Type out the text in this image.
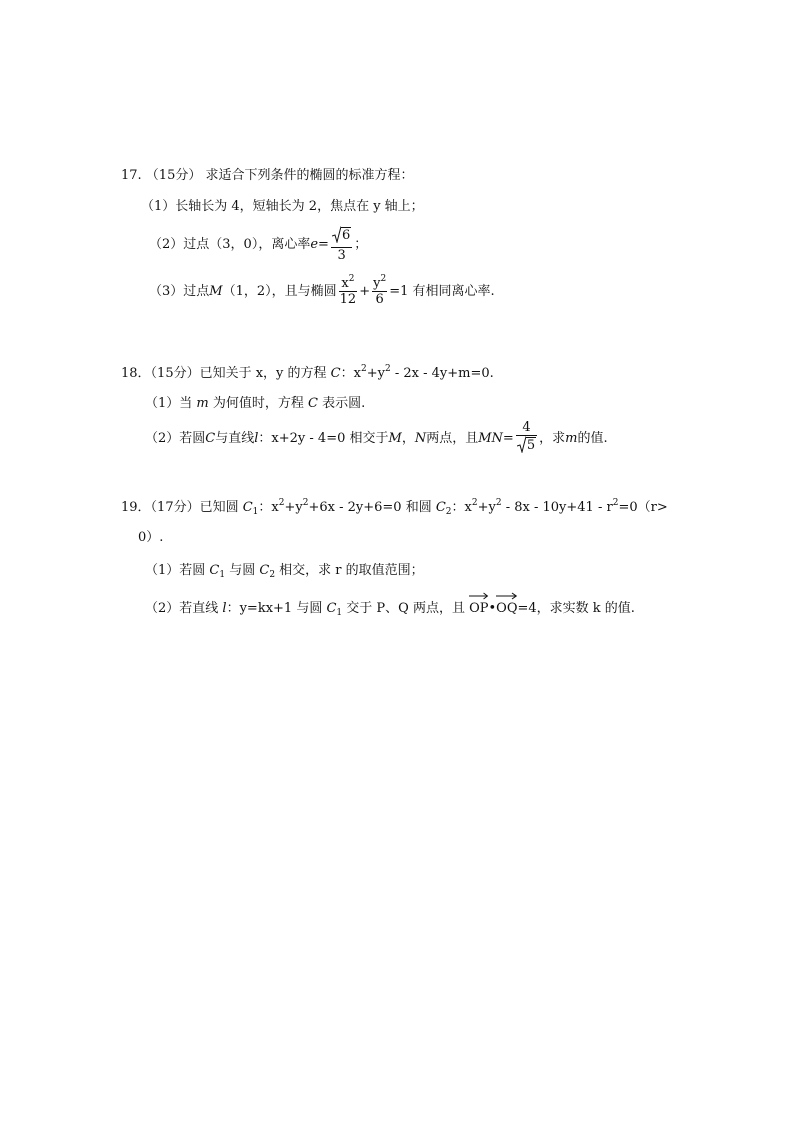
17. （15分） 求适合下列条件的椭圆的标准方程：
（1）长轴长为 4，短轴长为 2，焦点在 y 轴上；
（2）过点（3，0），离心率 $e = \frac{6}{3}$ ；
（3）过点 M （1，2），且与椭圆 $\frac{x^2}{12} + \frac{y^2}{6} =1$ 有相同离心率.
18．（15分）已知关于 x，y 的方程 C：$x^2+y^2 - 2x - 4y+m=0$.
（1）当 m 为何值时，方程 C 表示圆.
（2）若圆 C 与直线 l ：x+2y - 4=0 相交于 M ， N 两点，且 MN = $\frac{4}{5}$ ，求 m 的值.
19．（17分）已知圆 $C_1$：$x^2+y^2+6x - 2y+6=0$ 和圆 $C_2$：$x^2+y^2 - 8x - 10y+41 - r^2=0(r>$
0）.
（1）若圆 $C_1$ 与圆 $C_2$ 相交，求 r 的取值范围；
（2）若直线 l：y=kx+1 与圆 $C_1$ 交于 P、Q 两点，且
OP•
OQ=4，求实数 k 的值.
